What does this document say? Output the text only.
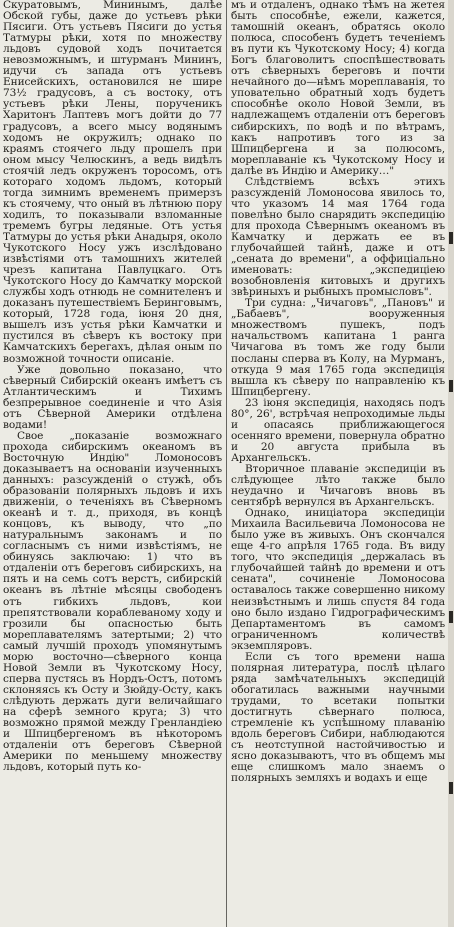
Скуратовымъ, Мининымъ, далѣе Обской губы, даже до устьевъ рѣки Пясиги. Отъ устьевъ Пясиги до устья Татмуры рѣки, хотя по множеству льдовъ судовой ходъ почитается невозможнымъ, и штурманъ Мининъ, идучи съ запада отъ устьевъ Енисейскихъ, остановился не шире 73½ градусовъ, а съ востоку, отъ устьевъ рѣки Лены, порученикъ Харитонъ Лаптевъ могъ дойти до 77 градусовъ, а всего мысу водянымъ ходомъ не окружилъ; однако по краямъ стоячего льду прошелъ при оном мысу Челюскинъ, а ведь видѣлъ стоячій ледъ окруженъ торосомъ, отъ котораго ходомъ льдомъ, который тогда зимнимъ временемъ примерзъ къ стоячему, что оный въ лѣтнюю пору ходилъ, то показывали взломанные тремемъ бугры ледяные. Отъ устья Татмуры до устья рѣки Анадыря, около Чукотского Носу ужъ изслѣдовано извѣстіями отъ тамошнихъ жителей чрезъ капитана Павлуцкаго. Отъ Чукотского Носу до Камчатку морской службы ходъ отнюдь не сомнителенъ и доказанъ путешествіемъ Беринговымъ, который, 1728 года, іюня 20 дня, вышелъ изъ устья рѣки Камчатки и пустился въ сѣверъ къ востоку при Камчатскихъ берегахъ, дѣлая оным по возможной точности описаніе.

Уже довольно показано, что сѣверный Сибирскій океанъ имѣетъ съ Атлантическимъ и Тихимъ безпрерывное соединеніе и что Азія отъ Сѣверной Америки отдѣлена водами!

Свое „показаніе возможнаго прохода сибирскимъ океаномъ въ Восточную Индію" Ломоносовъ доказываетъ на основаніи изученныхъ данныхъ: разсужденій о стужѣ, объ образованіи полярныхъ льдовъ и ихъ движеніи, о теченіяхъ въ Сѣверномъ океанѣ и т. д., приходя, въ концѣ концовъ, къ выводу, что „по натуральнымъ законамъ и по согласнымъ съ ними извѣстіямъ, не обинуясь заключаю: 1) что въ отдаленіи отъ береговъ сибирскихъ, на пять и на семь сотъ верстъ, сибирскій океанъ въ лѣтніе мѣсяцы свободенъ отъ гибкихъ льдовъ, кои препятствовали кораблеваному ходу и грозили бы опасностью быть мореплавателямъ затертыми; 2) что самый лучшій проходъ упомянутымъ морю восточно—сѣверного конца Новой Земли въ Чукотскому Носу, сперва пустясь въ Нордъ-Остъ, потомъ склоняясь къ Осту и Зюйду-Осту, какъ слѣдують держать дуги величайшаго на сферѣ земного круга; 3) что возможно прямой между Гренландіею и Шпицбергеномъ въ нѣкоторомъ отдаленіи отъ береговъ Сѣверной Америки по меньшему множеству льдовъ, который путь ко-

мъ и отдаленъ, однако тѣмъ на жетея быть способнѣе, ежели, кажется, тамошній океанъ, обратясь около полюса, способенъ будетъ теченіемъ въ пути къ Чукотскому Носу; 4) когда Богъ благоволитъ споспѣшествовать отъ сѣверныхъ береговъ и почти нечайного до—нѣмъ мореплаванія, то уповательно обратный ходъ будетъ способнѣе около Новой Земли, въ надлежащемъ отдаленіи отъ береговъ сибирскихъ, по водѣ и по вѣтрамъ, какъ напротивъ того из за Шпицбергена и за полюсомъ, мореплаваніе къ Чукотскому Носу и далѣе въ Индію и Америку…"

Слѣдствіемъ всѣхъ этихъ разсужденій Ломоносова явилось то, что указомъ 14 мая 1764 года повелѣно было снарядить экспедицію для прохода Сѣвернымъ океаномъ въ Камчатку и держать ее въ глубочайшей тайнѣ, даже и отъ „сената до времени", а оффиціально именовать: „экспедиціею возобновленія китовыхъ и другихъ звѣриныхъ и рыбныхъ промысловъ".

Три судна: „Чичаговъ", „Пановъ" и „Бабаевъ", вооруженныя множествомъ пушекъ, подъ начальствомъ капитана 1 ранга Чичагова въ томъ же году были посланы сперва въ Колу, на Мурманъ, откуда 9 мая 1765 года экспедиція вышла къ сѣверу по направленію къ Шпицбергену.

23 іюня экспедиція, находясь подъ 80°, 26', встрѣчая непроходимые льды и опасаясь приближающегося осенняго времени, повернула обратно и 20 августа прибыла въ Архангельскъ.

Вторичное плаваніе экспедиціи въ слѣдующее лѣто также было неудачно и Чичаговъ вновь въ сентябрѣ вернулся въ Архангельскъ.

Однако, иниціатора экспедиціи Михаила Васильевича Ломоносова не было уже въ живыхъ. Онъ скончался еще 4-го апрѣля 1765 года. Въ виду того, что экспедиція „держалась въ глубочайшей тайнѣ до времени и отъ сената", сочиненіе Ломоносова оставалось также совершенно никому неизвѣстнымъ и лишь спустя 84 года оно было издано Гидрографическимъ Департаментомъ въ самомъ ограниченномъ количествѣ экземпляровъ.

Если съ того времени наша полярная литература, послѣ цѣлаго ряда замѣчательныхъ экспедицій обогатилась важными научными трудами, то всетаки попытки достигнуть сѣвернаго полюса, стремленіе къ успѣшному плаванію вдоль береговъ Сибири, наблюдаются съ неотступной настойчивостью и ясно доказываютъ, что въ общемъ мы еще слишкомъ мало знаемъ о полярныхъ земляхъ и водахъ и еще
